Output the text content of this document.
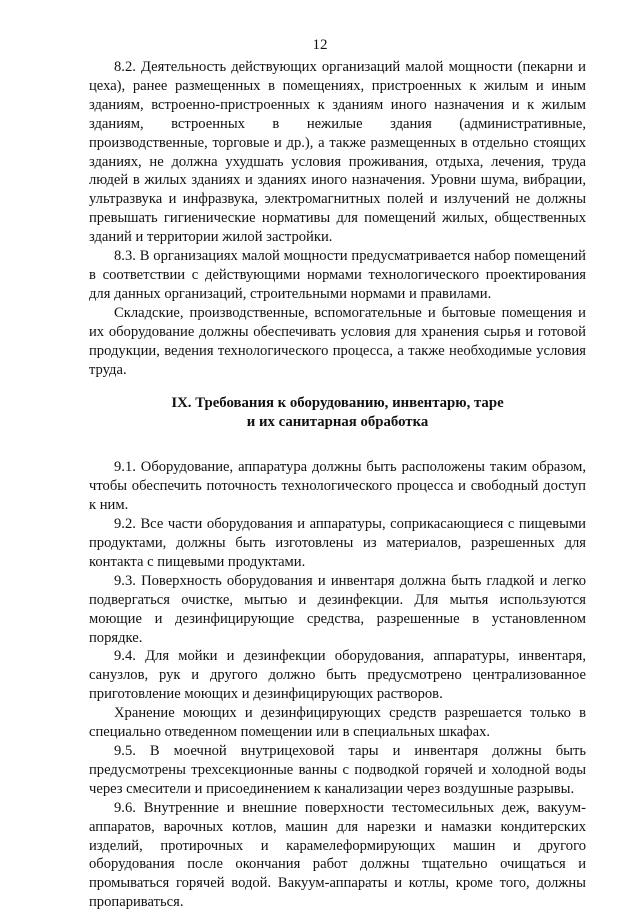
12

8.2. Деятельность действующих организаций малой мощности (пекарни и цеха), ранее размещенных в помещениях, пристроенных к жилым и иным зданиям, встроенно-пристроенных к зданиям иного назначения и к жилым зданиям, встроенных в нежилые здания (административные, производственные, торговые и др.), а также размещенных в отдельно стоящих зданиях, не должна ухудшать условия проживания, отдыха, лечения, труда людей в жилых зданиях и зданиях иного назначения. Уровни шума, вибрации, ультразвука и инфразвука, электромагнитных полей и излучений не должны превышать гигиенические нормативы для помещений жилых, общественных зданий и территории жилой застройки.

8.3. В организациях малой мощности предусматривается набор помещений в соответствии с действующими нормами технологического проектирования для данных организаций, строительными нормами и правилами.

Складские, производственные, вспомогательные и бытовые помещения и их оборудование должны обеспечивать условия для хранения сырья и готовой продукции, ведения технологического процесса, а также необходимые условия труда.

IX. Требования к оборудованию, инвентарю, таре
и их санитарная обработка

9.1. Оборудование, аппаратура должны быть расположены таким образом, чтобы обеспечить поточность технологического процесса и свободный доступ к ним.

9.2. Все части оборудования и аппаратуры, соприкасающиеся с пищевыми продуктами, должны быть изготовлены из материалов, разрешенных для контакта с пищевыми продуктами.

9.3. Поверхность оборудования и инвентаря должна быть гладкой и легко подвергаться очистке, мытью и дезинфекции. Для мытья используются моющие и дезинфицирующие средства, разрешенные в установленном порядке.

9.4. Для мойки и дезинфекции оборудования, аппаратуры, инвентаря, санузлов, рук и другого должно быть предусмотрено централизованное приготовление моющих и дезинфицирующих растворов.

Хранение моющих и дезинфицирующих средств разрешается только в специально отведенном помещении или в специальных шкафах.

9.5. В моечной внутрицеховой тары и инвентаря должны быть предусмотрены трехсекционные ванны с подводкой горячей и холодной воды через смесители и присоединением к канализации через воздушные разрывы.

9.6. Внутренние и внешние поверхности тестомесильных деж, вакуум-аппаратов, варочных котлов, машин для нарезки и намазки кондитерских изделий, протирочных и карамелеформирующих машин и другого оборудования после окончания работ должны тщательно очищаться и промываться горячей водой. Вакуум-аппараты и котлы, кроме того, должны пропариваться.
